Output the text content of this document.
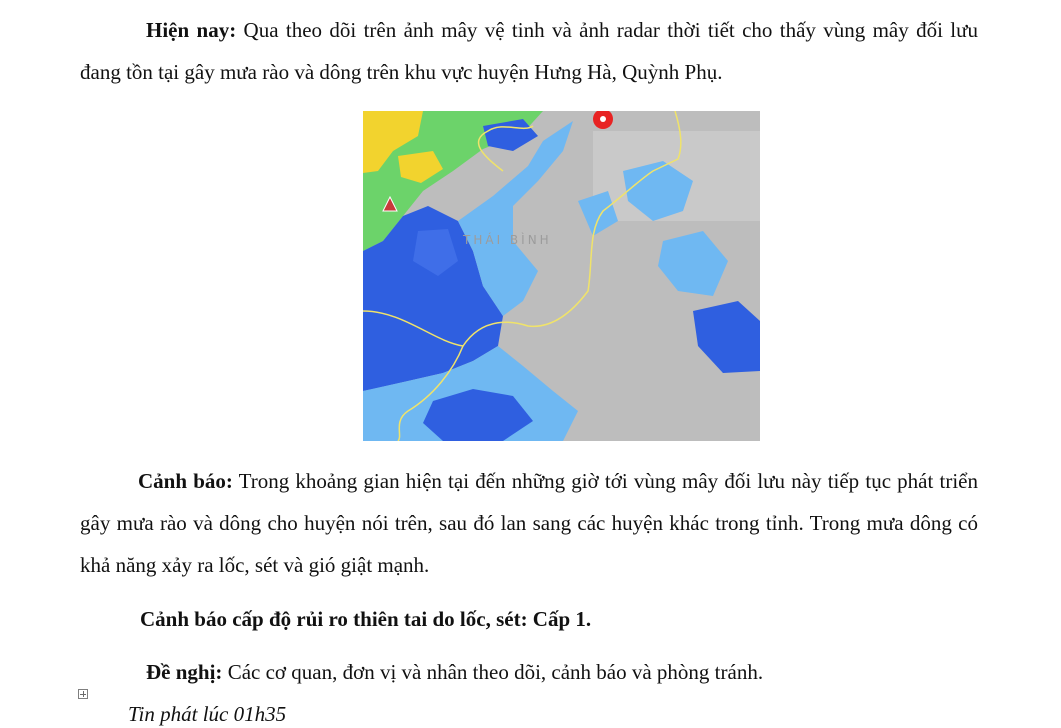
Hiện nay: Qua theo dõi trên ảnh mây vệ tinh và ảnh radar thời tiết cho thấy vùng mây đối lưu đang tồn tại gây mưa rào và dông trên khu vực huyện Hưng Hà, Quỳnh Phụ.

THÁI BÌNH

Cảnh báo: Trong khoảng gian hiện tại đến những giờ tới vùng mây đối lưu này tiếp tục phát triển gây mưa rào và dông cho huyện nói trên, sau đó lan sang các huyện khác trong tỉnh. Trong mưa dông có khả năng xảy ra lốc, sét và gió giật mạnh.

Cảnh báo cấp độ rủi ro thiên tai do lốc, sét: Cấp 1.

Đề nghị: Các cơ quan, đơn vị và nhân theo dõi, cảnh báo và phòng tránh.

Tin phát lúc 01h35
